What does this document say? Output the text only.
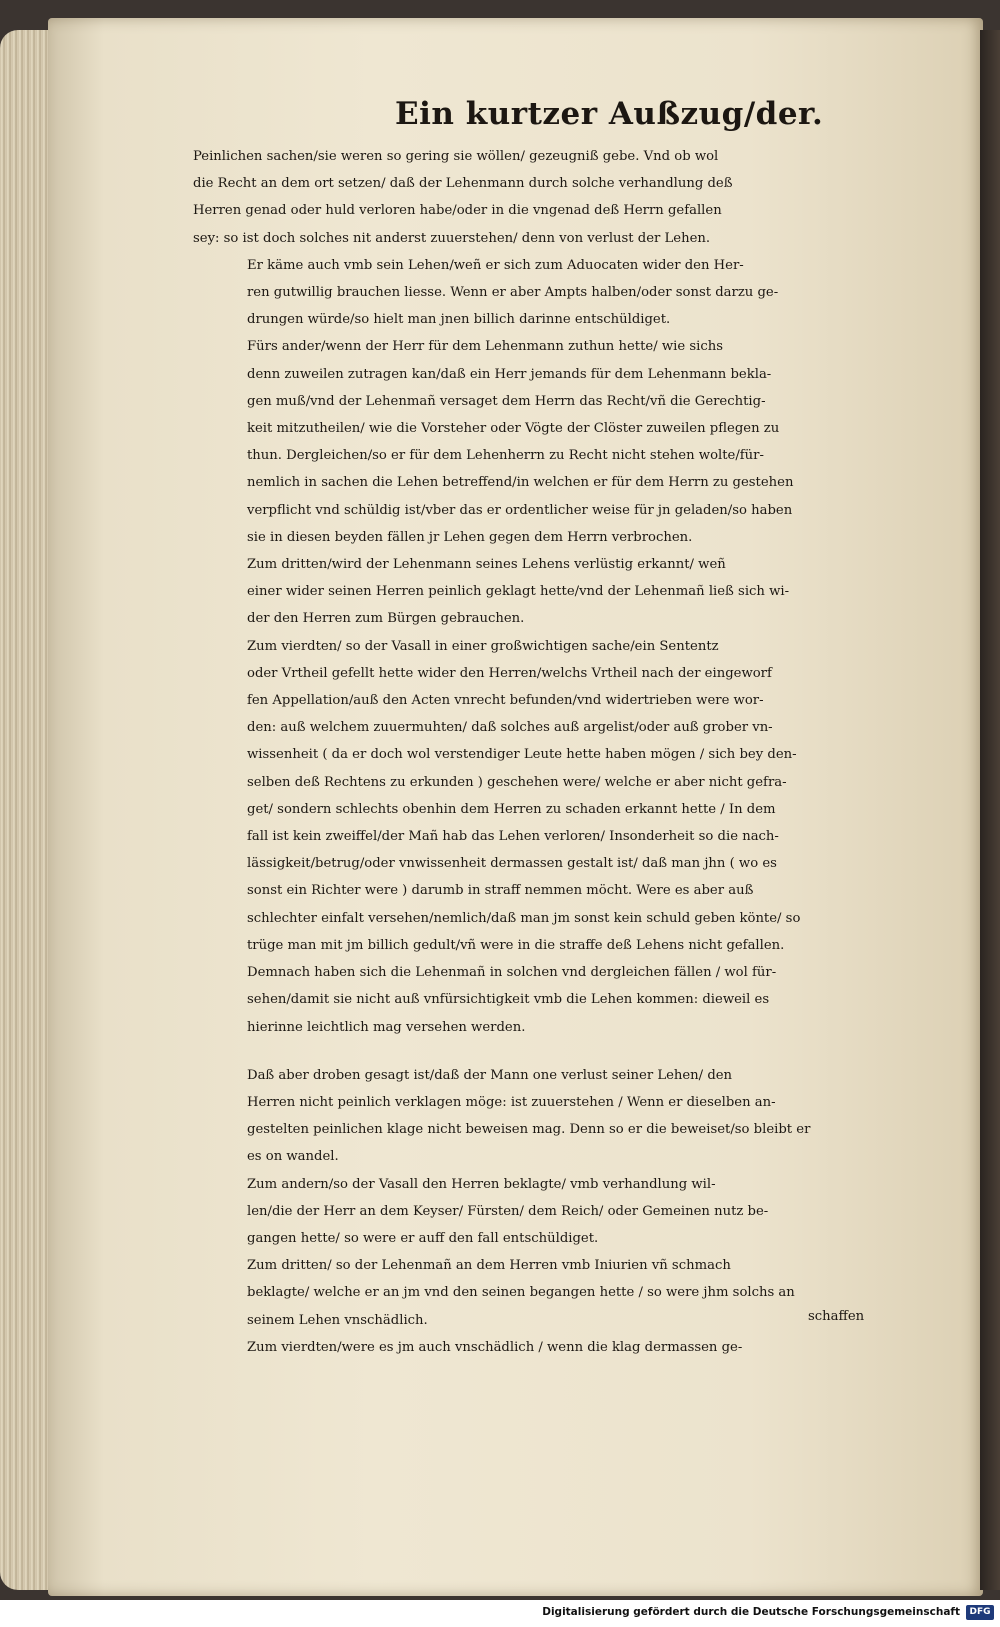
Ein kurtzer Außzug/der.

Peinlichen sachen/sie weren so gering sie wöllen/ gezeugniß gebe. Vnd ob wol
die Recht an dem ort setzen/ daß der Lehenmann durch solche verhandlung deß
Herren genad oder huld verloren habe/oder in die vngenad deß Herrn gefallen
sey: so ist doch solches nit anderst zuuerstehen/ denn von verlust der Lehen.

Er käme auch vmb sein Lehen/weñ er sich zum Aduocaten wider den Her-
ren gutwillig brauchen liesse. Wenn er aber Ampts halben/oder sonst darzu ge-
drungen würde/so hielt man jnen billich darinne entschüldiget.

Fürs ander/wenn der Herr für dem Lehenmann zuthun hette/ wie sichs
denn zuweilen zutragen kan/daß ein Herr jemands für dem Lehenmann bekla-
gen muß/vnd der Lehenmañ versaget dem Herrn das Recht/vñ die Gerechtig-
keit mitzutheilen/ wie die Vorsteher oder Vögte der Clöster zuweilen pflegen zu
thun. Dergleichen/so er für dem Lehenherrn zu Recht nicht stehen wolte/für-
nemlich in sachen die Lehen betreffend/in welchen er für dem Herrn zu gestehen
verpflicht vnd schüldig ist/vber das er ordentlicher weise für jn geladen/so haben
sie in diesen beyden fällen jr Lehen gegen dem Herrn verbrochen.

Zum dritten/wird der Lehenmann seines Lehens verlüstig erkannt/ weñ
einer wider seinen Herren peinlich geklagt hette/vnd der Lehenmañ ließ sich wi-
der den Herren zum Bürgen gebrauchen.

Zum vierdten/ so der Vasall in einer großwichtigen sache/ein Sententz
oder Vrtheil gefellt hette wider den Herren/welchs Vrtheil nach der eingeworf
fen Appellation/auß den Acten vnrecht befunden/vnd widertrieben were wor-
den: auß welchem zuuermuhten/ daß solches auß argelist/oder auß grober vn-
wissenheit ( da er doch wol verstendiger Leute hette haben mögen / sich bey den-
selben deß Rechtens zu erkunden ) geschehen were/ welche er aber nicht gefra-
get/ sondern schlechts obenhin dem Herren zu schaden erkannt hette / In dem
fall ist kein zweiffel/der Mañ hab das Lehen verloren/ Insonderheit so die nach-
lässigkeit/betrug/oder vnwissenheit dermassen gestalt ist/ daß man jhn ( wo es
sonst ein Richter were ) darumb in straff nemmen möcht. Were es aber auß
schlechter einfalt versehen/nemlich/daß man jm sonst kein schuld geben könte/ so
trüge man mit jm billich gedult/vñ were in die straffe deß Lehens nicht gefallen.
Demnach haben sich die Lehenmañ in solchen vnd dergleichen fällen / wol für-
sehen/damit sie nicht auß vnfürsichtigkeit vmb die Lehen kommen: dieweil es
hierinne leichtlich mag versehen werden.

Daß aber droben gesagt ist/daß der Mann one verlust seiner Lehen/ den
Herren nicht peinlich verklagen möge: ist zuuerstehen / Wenn er dieselben an-
gestelten peinlichen klage nicht beweisen mag. Denn so er die beweiset/so bleibt er
es on wandel.

Zum andern/so der Vasall den Herren beklagte/ vmb verhandlung wil-
len/die der Herr an dem Keyser/ Fürsten/ dem Reich/ oder Gemeinen nutz be-
gangen hette/ so were er auff den fall entschüldiget.

Zum dritten/ so der Lehenmañ an dem Herren vmb Iniurien vñ schmach
beklagte/ welche er an jm vnd den seinen begangen hette / so were jhm solchs an
seinem Lehen vnschädlich.

Zum vierdten/were es jm auch vnschädlich / wenn die klag dermassen ge-

schaffen
Digitalisierung gefördert durch die Deutsche Forschungsgemeinschaft	DFG
